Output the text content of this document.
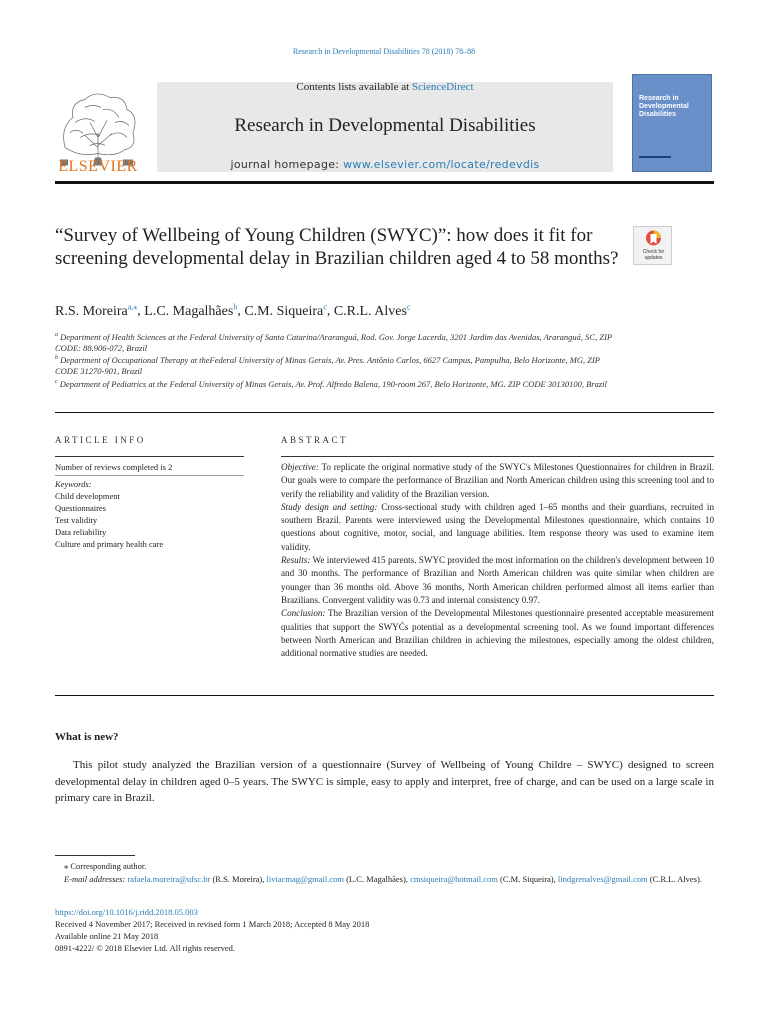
Research in Developmental Disabilities 78 (2018) 78–88
ELSEVIER
Contents lists available at ScienceDirect
Research in Developmental Disabilities
journal homepage: www.elsevier.com/locate/redevdis
Research in Developmental Disabilities
“Survey of Wellbeing of Young Children (SWYC)”: how does it fit for screening developmental delay in Brazilian children aged 4 to 58 months?	Check for updates
R.S. Moreira$^{a,⁎}$, L.C. Magalhães$^b$, C.M. Siqueira$^c$, C.R.L. Alves$^c$
$^a$ Department of Health Sciences at the Federal University of Santa Catarina/Araranguá, Rod. Gov. Jorge Lacerda, 3201 Jardim das Avenidas, Araranguá, SC, ZIP CODE: 88.906-072, Brazil
$^b$ Department of Occupational Therapy at theFederal University of Minas Gerais, Av. Pres. Antônio Carlos, 6627 Campus, Pampulha, Belo Horizonte, MG, ZIP CODE 31270-901, Brazil
$^c$ Department of Pediatrics at the Federal University of Minas Gerais, Av. Prof. Alfredo Balena, 190-room 267, Belo Horizonte, MG. ZIP CODE 30130100, Brazil
ARTICLE INFO
Number of reviews completed is 2
Keywords:
Child development
Questionnaires
Test validity
Data reliability
Culture and primary health care
ABSTRACT

Objective: To replicate the original normative study of the SWYC's Milestones Questionnaires for children in Brazil. Our goals were to compare the performance of Brazilian and North American children using this screening tool and to verify the reliability and validity of the Brazilian version.

Study design and setting: Cross-sectional study with children aged 1–65 months and their guardians, recruited in southern Brazil. Parents were interviewed using the Developmental Milestones questionnaire, which contains 10 questions about cognitive, motor, social, and language abilities. Item response theory was used to examine item validity.

Results: We interviewed 415 parents. SWYC provided the most information on the children's development between 10 and 30 months. The performance of Brazilian and North American children was quite similar when children are younger than 36 months old. Above 36 months, North American children performed almost all items earlier than Brazilians. Convergent validity was 0.73 and internal consistency 0.97.

Conclusion: The Brazilian version of the Developmental Milestones questionnaire presented acceptable measurement qualities that support the SWYĆs potential as a developmental screening tool. As we found important differences between North American and Brazilian children in achieving the milestones, especially among the oldest children, additional normative studies are needed.

What is new?
This pilot study analyzed the Brazilian version of a questionnaire (Survey of Wellbeing of Young Childre – SWYC) designed to screen developmental delay in children aged 0–5 years. The SWYC is simple, easy to apply and interpret, free of charge, and can be used on a large scale in primary care in Brazil.
⁎ Corresponding author.
E-mail addresses: rafaela.moreira@ufsc.br (R.S. Moreira), liviacmag@gmail.com (L.C. Magalhães), cmsiqueira@hotmail.com (C.M. Siqueira), lindgrenalves@gmail.com (C.R.L. Alves).
https://doi.org/10.1016/j.ridd.2018.05.003
Received 4 November 2017; Received in revised form 1 March 2018; Accepted 8 May 2018
Available online 21 May 2018
0891-4222/ © 2018 Elsevier Ltd. All rights reserved.
